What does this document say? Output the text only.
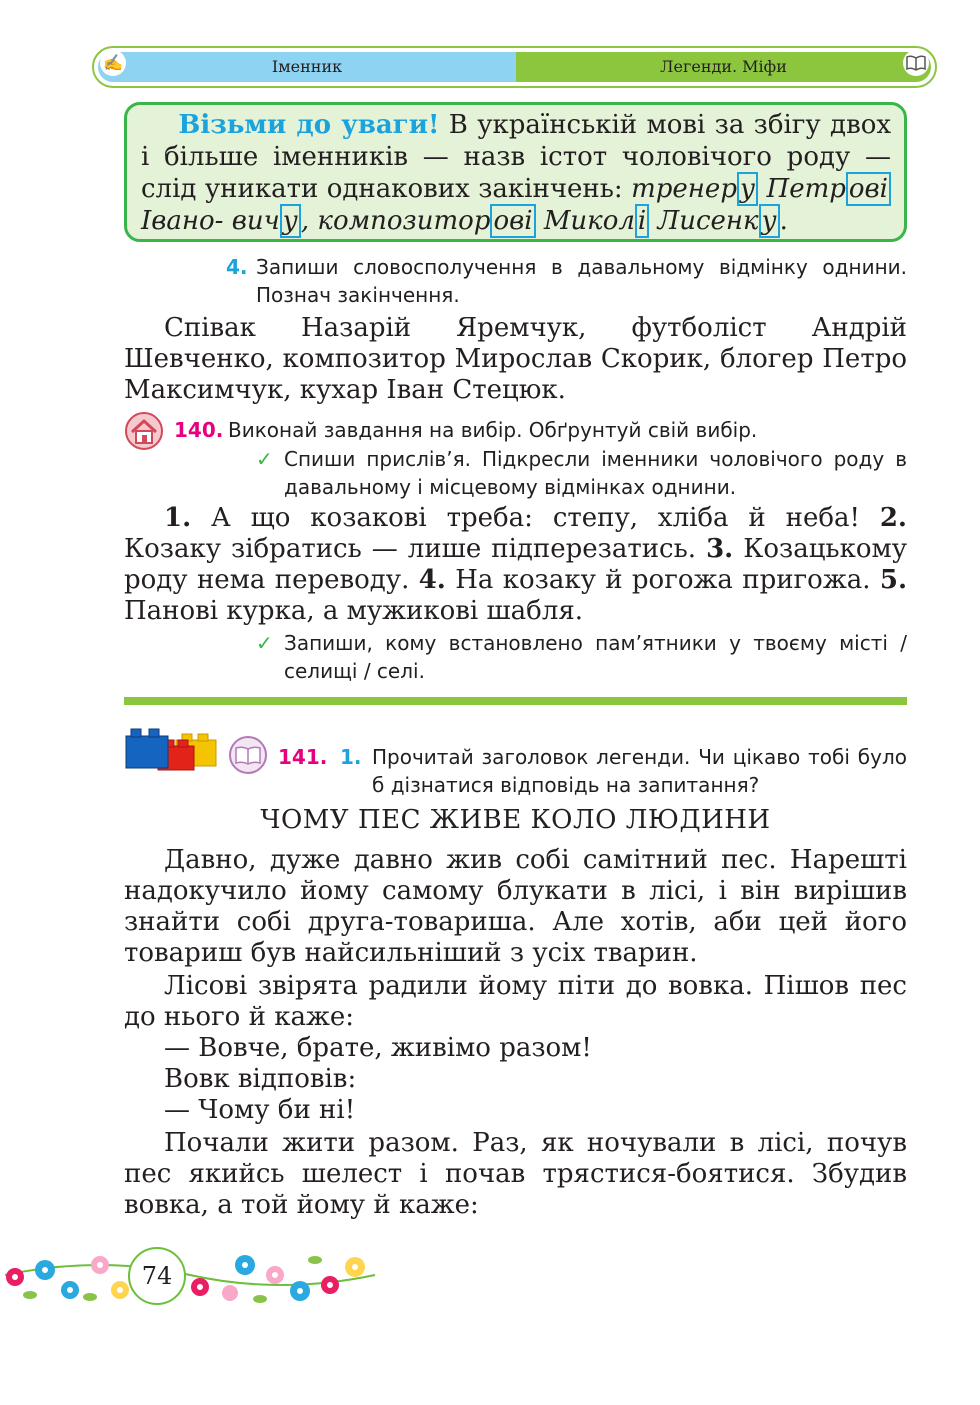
Іменник	Легенди. Міфи
✍
Візьми до уваги! В українській мові за збігу двох і більше іменників — назв істот чоловічого роду — слід уникати однакових закінчень: тренер у Петр ові Івано- вич у , композитор ові Микол і Лисенк у .
4. Запиши словосполучення в давальному відмінку однини. Познач закінчення.
Співак Назарій Яремчук, футболіст Андрій Шевченко, композитор Мирослав Скорик, блогер Петро Максимчук, кухар Іван Стецюк.
140. Виконай завдання на вибір. Обґрунтуй свій вибір.
✓ Спиши прислів’я. Підкресли іменники чоловічого роду в давальному і місцевому відмінках однини.
1. А що козакові треба: степу, хліба й неба! 2. Козаку зібратись — лише підперезатись. 3. Козацькому роду нема переводу. 4. На козаку й рогожа пригожа. 5. Панові курка, а мужикові шабля.
✓ Запиши, кому встановлено пам’ятники у твоєму місті / селищі / селі.
141. 1. Прочитай заголовок легенди. Чи цікаво тобі було б дізнатися відповідь на запитання?
ЧОМУ ПЕС ЖИВЕ КОЛО ЛЮДИНИ
Давно, дуже давно жив собі самітний пес. Нарешті надокучило йому самому блукати в лісі, і він вирішив знайти собі друга-товариша. Але хотів, аби цей його товариш був найсильніший з усіх тварин.
Лісові звірята радили йому піти до вовка. Пішов пес до нього й каже:
— Вовче, брате, живімо разом!
Вовк відповів:
— Чому би ні!
Почали жити разом. Раз, як ночували в лісі, почув пес якийсь шелест і почав трястися-боятися. Збудив вовка, а той йому й каже:
74
